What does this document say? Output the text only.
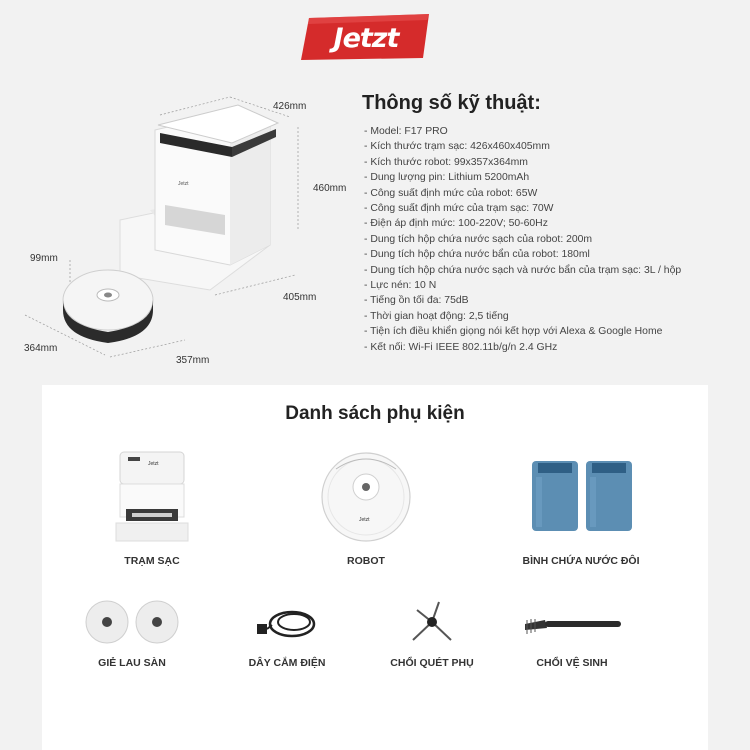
Jetzt
Jetzt
426mm
460mm
405mm
99mm
364mm
357mm
Thông số kỹ thuật:
- Model: F17 PRO
- Kích thước trạm sạc: 426x460x405mm
- Kích thước robot: 99x357x364mm
- Dung lượng pin: Lithium 5200mAh
- Công suất định mức của robot: 65W
- Công suất định mức của trạm sạc: 70W
- Điện áp định mức: 100-220V; 50-60Hz
- Dung tích hộp chứa nước sạch của robot: 200m
- Dung tích hộp chứa nước bẩn của robot: 180ml
- Dung tích hộp chứa nước sạch và nước bẩn của trạm sạc: 3L / hộp
- Lực nén: 10 N
- Tiếng ồn tối đa: 75dB
- Thời gian hoạt động: 2,5 tiếng
- Tiện ích điều khiển giọng nói kết hợp với Alexa & Google Home
- Kết nối: Wi-Fi IEEE 802.11b/g/n 2.4 GHz
Danh sách phụ kiện
Jetzt
TRẠM SẠC
Jetzt
ROBOT	BÌNH CHỨA NƯỚC ĐÔI
GIẺ LAU SÀN	DÂY CẮM ĐIỆN	CHỔI QUÉT PHỤ	CHỔI VỆ SINH
